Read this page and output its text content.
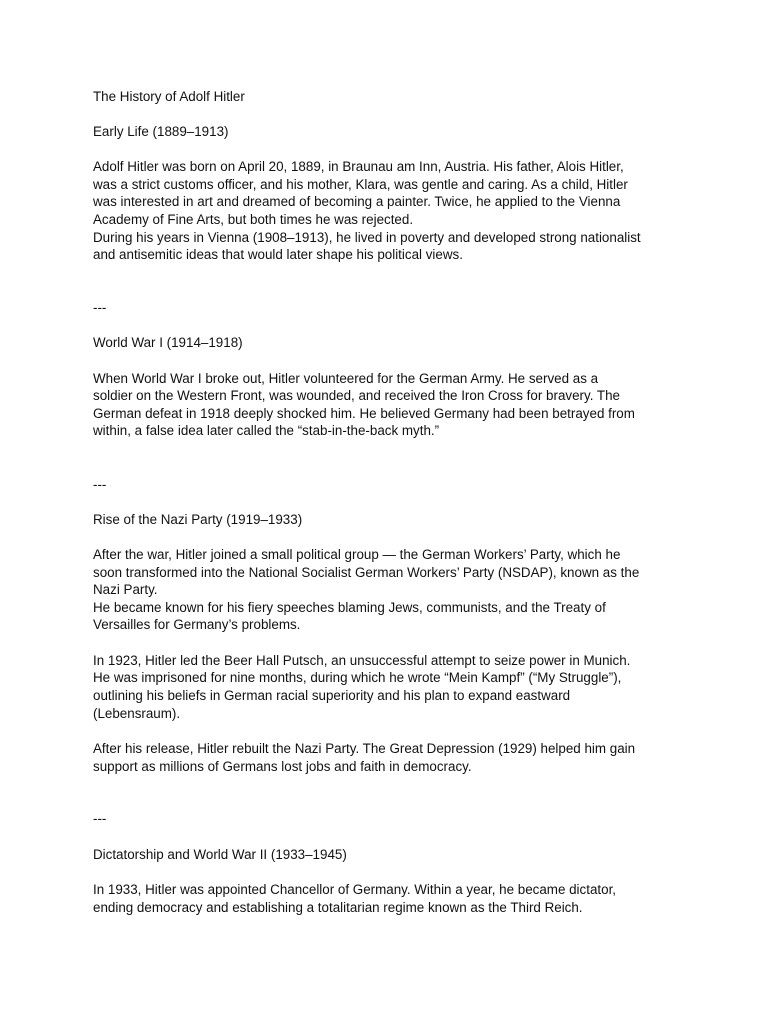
The History of Adolf Hitler
Early Life (1889–1913)
Adolf Hitler was born on April 20, 1889, in Braunau am Inn, Austria. His father, Alois Hitler,
was a strict customs officer, and his mother, Klara, was gentle and caring. As a child, Hitler
was interested in art and dreamed of becoming a painter. Twice, he applied to the Vienna
Academy of Fine Arts, but both times he was rejected.
During his years in Vienna (1908–1913), he lived in poverty and developed strong nationalist
and antisemitic ideas that would later shape his political views.
---
World War I (1914–1918)
When World War I broke out, Hitler volunteered for the German Army. He served as a
soldier on the Western Front, was wounded, and received the Iron Cross for bravery. The
German defeat in 1918 deeply shocked him. He believed Germany had been betrayed from
within, a false idea later called the “stab-in-the-back myth.”
---
Rise of the Nazi Party (1919–1933)
After the war, Hitler joined a small political group — the German Workers’ Party, which he
soon transformed into the National Socialist German Workers’ Party (NSDAP), known as the
Nazi Party.
He became known for his fiery speeches blaming Jews, communists, and the Treaty of
Versailles for Germany’s problems.
In 1923, Hitler led the Beer Hall Putsch, an unsuccessful attempt to seize power in Munich.
He was imprisoned for nine months, during which he wrote “Mein Kampf” (“My Struggle”),
outlining his beliefs in German racial superiority and his plan to expand eastward
(Lebensraum).
After his release, Hitler rebuilt the Nazi Party. The Great Depression (1929) helped him gain
support as millions of Germans lost jobs and faith in democracy.
---
Dictatorship and World War II (1933–1945)
In 1933, Hitler was appointed Chancellor of Germany. Within a year, he became dictator,
ending democracy and establishing a totalitarian regime known as the Third Reich.
